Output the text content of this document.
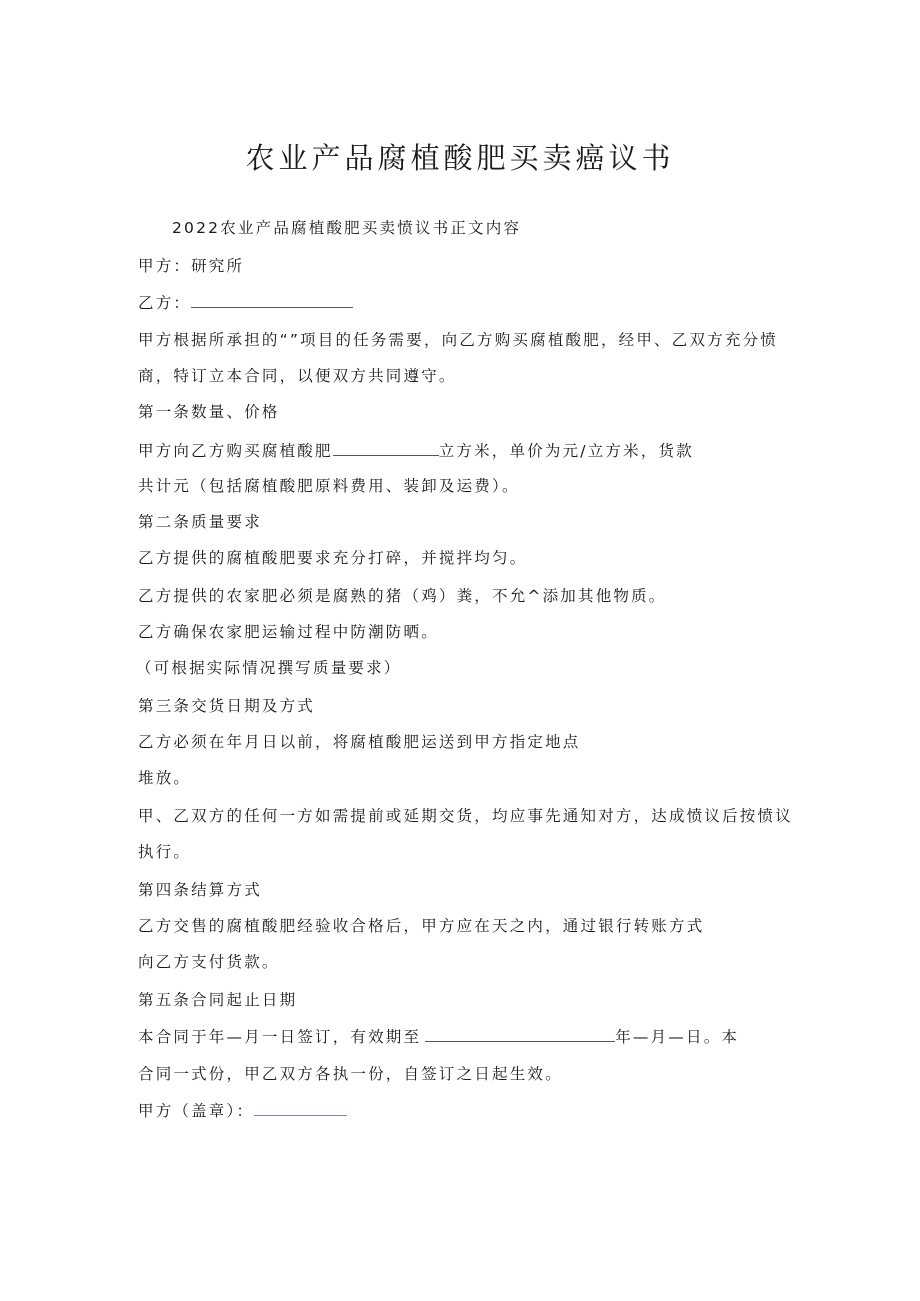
农业产品腐植酸肥买卖癌议书

2022农业产品腐植酸肥买卖愤议书正文内容

甲方：研究所

乙方：

甲方根据所承担的“”项目的任务需要，向乙方购买腐植酸肥，经甲、乙双方充分愤

商，特订立本合同，以便双方共同遵守。

第一条数量、价格

甲方向乙方购买腐植酸肥	立方米，单价为元/立方米，货款

共计元（包括腐植酸肥原料费用、装卸及运费）。

第二条质量要求

乙方提供的腐植酸肥要求充分打碎，并搅拌均匀。

乙方提供的农家肥必须是腐熟的猪（鸡）粪，不允^添加其他物质。

乙方确保农家肥运输过程中防潮防晒。

（可根据实际情况撰写质量要求）

第三条交货日期及方式

乙方必须在年月日以前，将腐植酸肥运送到甲方指定地点

堆放。

甲、乙双方的任何一方如需提前或延期交货，均应事先通知对方，达成愤议后按愤议

执行。

第四条结算方式

乙方交售的腐植酸肥经验收合格后，甲方应在天之内，通过银行转账方式

向乙方支付货款。

第五条合同起止日期

本合同于年—月一日签订，有效期至	年—月—日。本

合同一式份，甲乙双方各执一份，自签订之日起生效。

甲方（盖章）：
